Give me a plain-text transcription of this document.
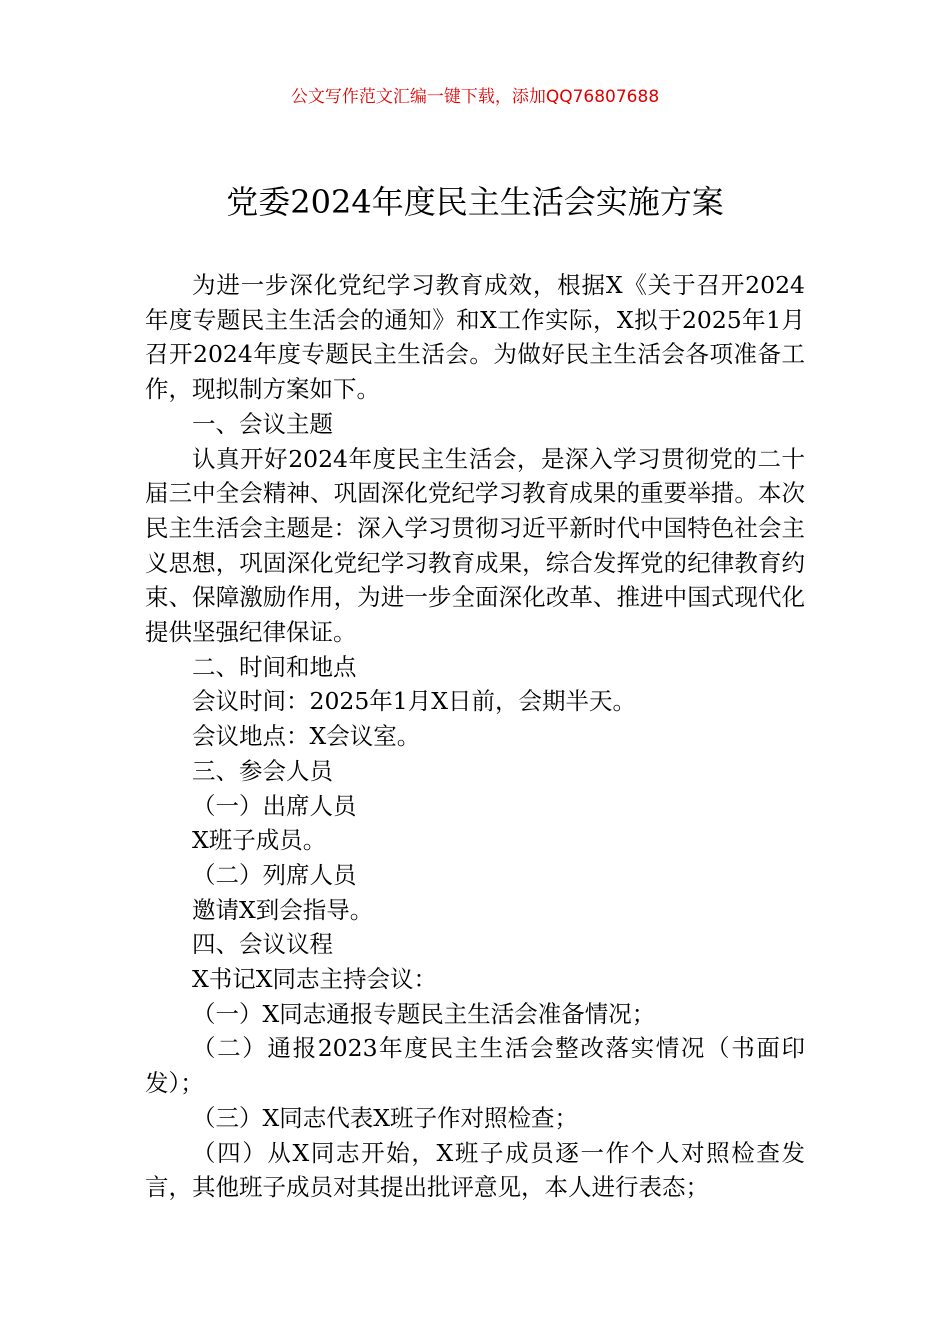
公文写作范文汇编一键下载，添加QQ76807688
党委2024年度民主生活会实施方案

为进一步深化党纪学习教育成效，根据X《关于召开2024年度专题民主生活会的通知》和X工作实际，X拟于2025年1月召开2024年度专题民主生活会。为做好民主生活会各项准备工作，现拟制方案如下。

一、会议主题

认真开好2024年度民主生活会，是深入学习贯彻党的二十届三中全会精神、巩固深化党纪学习教育成果的重要举措。本次民主生活会主题是：深入学习贯彻习近平新时代中国特色社会主义思想，巩固深化党纪学习教育成果，综合发挥党的纪律教育约束、保障激励作用，为进一步全面深化改革、推进中国式现代化提供坚强纪律保证。

二、时间和地点

会议时间：2025年1月X日前，会期半天。

会议地点：X会议室。

三、参会人员

（一）出席人员

X班子成员。

（二）列席人员

邀请X到会指导。

四、会议议程

X书记X同志主持会议：

（一）X同志通报专题民主生活会准备情况；

（二）通报2023年度民主生活会整改落实情况（书面印发）；

（三）X同志代表X班子作对照检查；

（四）从X同志开始，X班子成员逐一作个人对照检查发言，其他班子成员对其提出批评意见，本人进行表态；
